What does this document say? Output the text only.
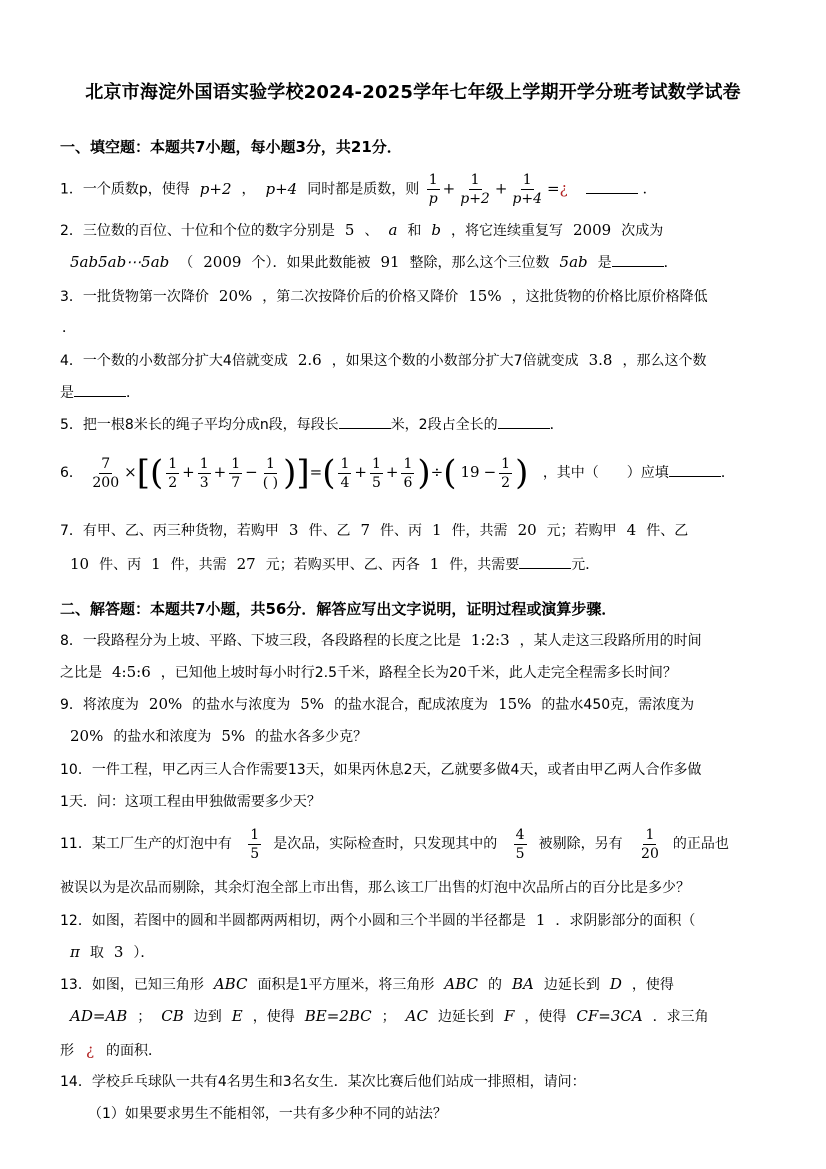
北京市海淀外国语实验学校2024-2025学年七年级上学期开学分班考试数学试卷
一、填空题：本题共7小题，每小题3分，共21分．
1．一个质数p，使得 p+2 ， p+4 同时都是质数，则 $\frac{1}{p} + \frac{1}{p+2} + \frac{1}{p+4}$ =¿	．
2．三位数的百位、十位和个位的数字分别是 5 、 a 和 b ，将它连续重复写 2009 次成为
5ab5ab⋯5ab （ 2009 个）．如果此数能被 91 整除，那么这个三位数 5ab 是	．
3．一批货物第一次降价 20% ，第二次按降价后的价格又降价 15% ，这批货物的价格比原价格降低
．
4．一个数的小数部分扩大4倍就变成 2.6 ，如果这个数的小数部分扩大7倍就变成 3.8 ，那么这个数
是	．
5．把一根8米长的绳子平均分成n段，每段长	米，2段占全长的	．
6． $\frac{7}{200}$ ×[( $\frac{1}{2} + \frac{1}{3} + \frac{1}{7} - \frac{1}{( )}$ )]=( $\frac{1}{4} + \frac{1}{5} + \frac{1}{6}$ )÷( $19 - \frac{1}{2}$ ) ，其中（　　）应填	．
7．有甲、乙、丙三种货物，若购甲 3 件、乙 7 件、丙 1 件，共需 20 元；若购甲 4 件、乙
10 件、丙 1 件，共需 27 元；若购买甲、乙、丙各 1 件，共需要	元．
二、解答题：本题共7小题，共56分．解答应写出文字说明，证明过程或演算步骤．
8．一段路程分为上坡、平路、下坡三段，各段路程的长度之比是 1:2:3 ，某人走这三段路所用的时间
之比是 4:5:6 ，已知他上坡时每小时行2.5千米，路程全长为20千米，此人走完全程需多长时间？
9．将浓度为 20% 的盐水与浓度为 5% 的盐水混合，配成浓度为 15% 的盐水450克，需浓度为
20% 的盐水和浓度为 5% 的盐水各多少克？
10．一件工程，甲乙丙三人合作需要13天，如果丙休息2天，乙就要多做4天，或者由甲乙两人合作多做
1天．问：这项工程由甲独做需要多少天？
11．某工厂生产的灯泡中有 $\frac{1}{5}$ 是次品，实际检查时，只发现其中的 $\frac{4}{5}$ 被剔除，另有 $\frac{1}{20}$ 的正品也
被误以为是次品而剔除，其余灯泡全部上市出售，那么该工厂出售的灯泡中次品所占的百分比是多少？
12．如图，若图中的圆和半圆都两两相切，两个小圆和三个半圆的半径都是 1 ．求阴影部分的面积（
π 取 3 ）．
13．如图，已知三角形 ABC 面积是1平方厘米，将三角形 ABC 的 BA 边延长到 D ，使得
AD=AB ； CB 边到 E ，使得 BE=2BC ； AC 边延长到 F ，使得 CF=3CA ．求三角
形 ¿ 的面积．
14．学校乒乓球队一共有4名男生和3名女生．某次比赛后他们站成一排照相，请问：
（1）如果要求男生不能相邻，一共有多少种不同的站法？
